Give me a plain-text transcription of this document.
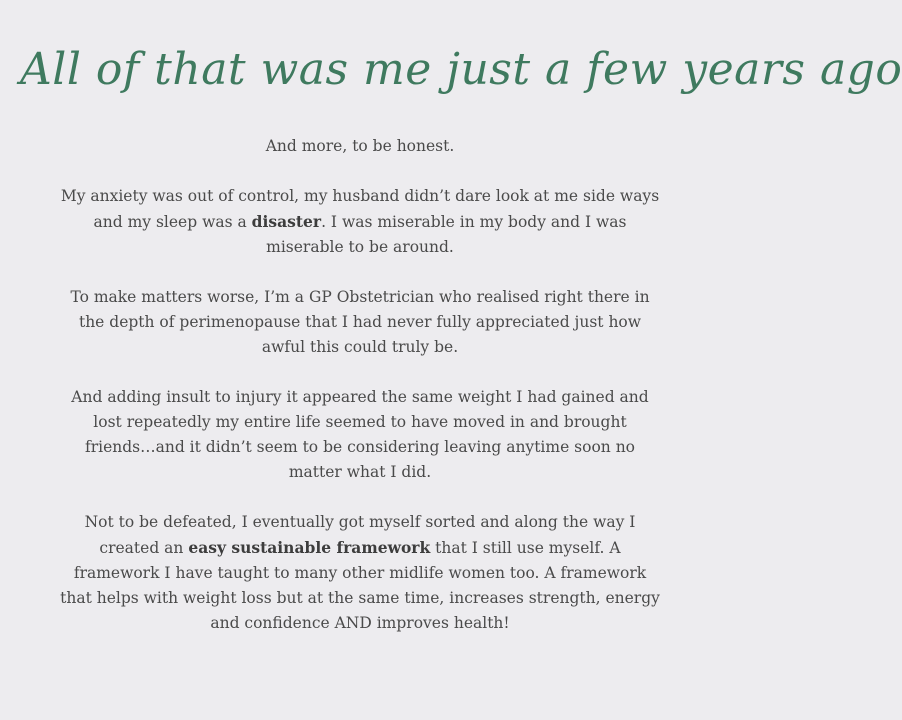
All of that was me just a few years ago

And more, to be honest.

My anxiety was out of control, my husband didn’t dare look at me side ways and my sleep was a disaster. I was miserable in my body and I was miserable to be around.

To make matters worse, I’m a GP Obstetrician who realised right there in the depth of perimenopause that I had never fully appreciated just how awful this could truly be.

And adding insult to injury it appeared the same weight I had gained and lost repeatedly my entire life seemed to have moved in and brought friends…and it didn’t seem to be considering leaving anytime soon no matter what I did.

Not to be defeated, I eventually got myself sorted and along the way I created an easy sustainable framework that I still use myself. A framework I have taught to many other midlife women too. A framework that helps with weight loss but at the same time, increases strength, energy and confidence AND improves health!
